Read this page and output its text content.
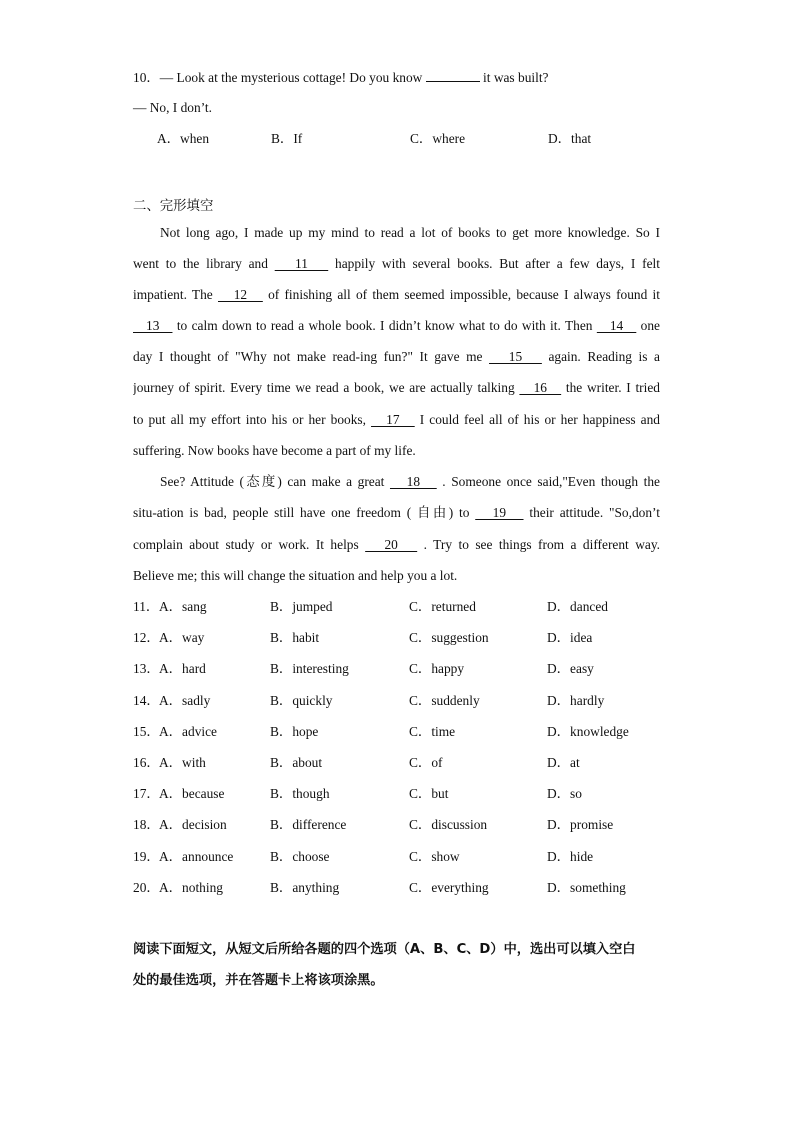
10．— Look at the mysterious cottage! Do you know	it was built?
— No, I don’t.
A．when	B．If	C．where	D．that
二、完形填空
Not long ago, I made up my mind to read a lot of books to get more knowledge. So I
went to the library and    11    happily with several books. But after a few days, I felt
impatient. The    12    of finishing all of them seemed impossible, because I always found it
13    to calm down to read a whole book. I didn’t know what to do with it. Then    14    one
day I thought of "Why not make read-ing fun?" It gave me    15    again. Reading is a
journey of spirit. Every time we read a book, we are actually talking    16    the writer. I tried
to put all my effort into his or her books,    17    I could feel all of his or her happiness and
suffering. Now books have become a part of my life.
See? Attitude (态度) can make a great    18    . Someone once said,"Even though the
situ-ation is bad, people still have one freedom ( 自由) to    19    their attitude. "So,don’t
complain about study or work. It helps    20    . Try to see things from a different way.
Believe me; this will change the situation and help you a lot.
11． A．sang	B．jumped	C．returned	D．danced
12． A．way	B．habit	C．suggestion	D．idea
13． A．hard	B．interesting	C．happy	D．easy
14． A．sadly	B．quickly	C．suddenly	D．hardly
15． A．advice	B．hope	C．time	D．knowledge
16． A．with	B．about	C．of	D．at
17． A．because	B．though	C．but	D．so
18． A．decision	B．difference	C．discussion	D．promise
19． A．announce	B．choose	C．show	D．hide
20． A．nothing	B．anything	C．everything	D．something
阅读下面短文，从短文后所给各题的四个选项（A、B、C、D）中，选出可以填入空白
处的最佳选项，并在答题卡上将该项涂黑。
